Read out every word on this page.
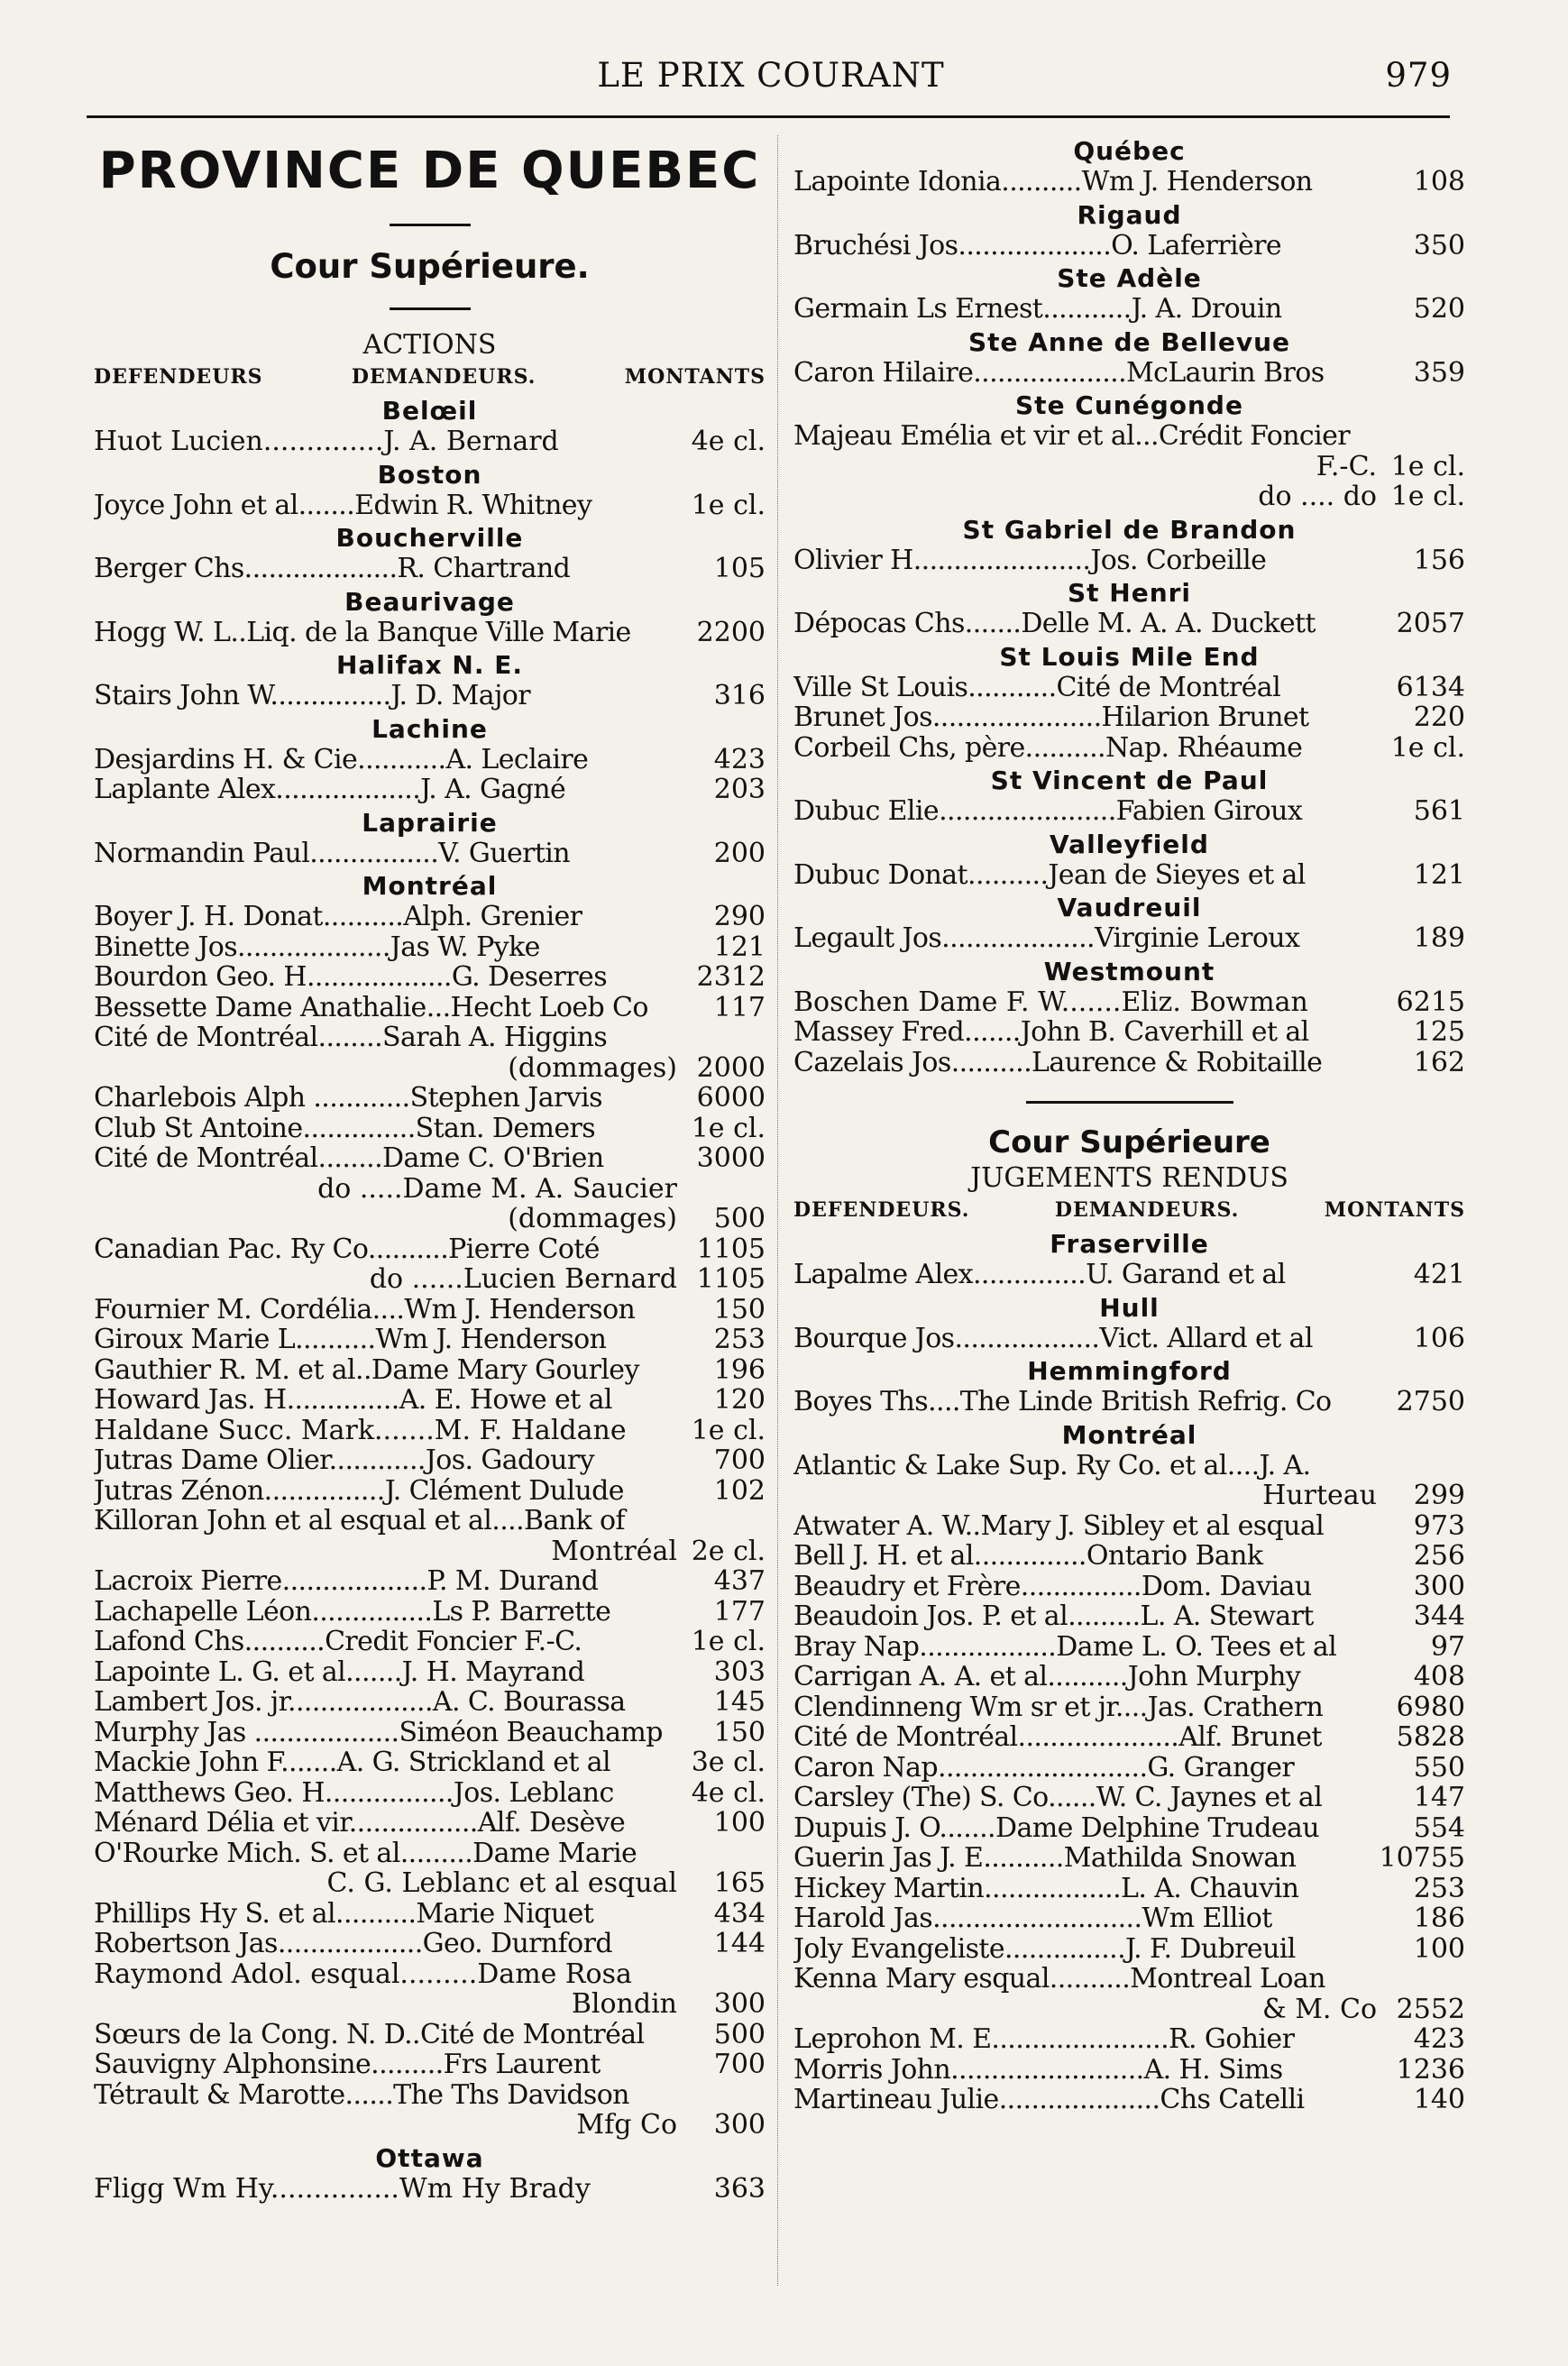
LE PRIX COURANT	979
PROVINCE DE QUEBEC
Cour Supérieure.
ACTIONS
DEFENDEURS	DEMANDEURS.	MONTANTS
Belœil
Huot Lucien..............J. A. Bernard	4e cl.
Boston
Joyce John et al.......Edwin R. Whitney	1e cl.
Boucherville
Berger Chs...................R. Chartrand	105
Beaurivage
Hogg W. L..Liq. de la Banque Ville Marie	2200
Halifax N. E.
Stairs John W...............J. D. Major	316
Lachine
Desjardins H. & Cie...........A. Leclaire	423
Laplante Alex..................J. A. Gagné	203
Laprairie
Normandin Paul................V. Guertin	200
Montréal
Boyer J. H. Donat..........Alph. Grenier	290
Binette Jos...................Jas W. Pyke	121
Bourdon Geo. H..................G. Deserres	2312
Bessette Dame Anathalie...Hecht Loeb Co	117
Cité de Montréal........Sarah A. Higgins
(dommages) 2000
Charlebois Alph ............Stephen Jarvis	6000
Club St Antoine..............Stan. Demers	1e cl.
Cité de Montréal........Dame C. O'Brien	3000
do .....Dame M. A. Saucier
(dommages)	500
Canadian Pac. Ry Co..........Pierre Coté	1105
do ......Lucien Bernard 1105
Fournier M. Cordélia....Wm J. Henderson	150
Giroux Marie L..........Wm J. Henderson	253
Gauthier R. M. et al..Dame Mary Gourley	196
Howard Jas. H..............A. E. Howe et al	120
Haldane Succ. Mark.......M. F. Haldane	1e cl.
Jutras Dame Olier............Jos. Gadoury	700
Jutras Zénon...............J. Clément Dulude	102
Killoran John et al esqual et al....Bank of
Montréal 2e cl.
Lacroix Pierre..................P. M. Durand	437
Lachapelle Léon...............Ls P. Barrette	177
Lafond Chs..........Credit Foncier F.-C.	1e cl.
Lapointe L. G. et al.......J. H. Mayrand	303
Lambert Jos. jr..................A. C. Bourassa	145
Murphy Jas ..................Siméon Beauchamp	150
Mackie John F.......A. G. Strickland et al	3e cl.
Matthews Geo. H................Jos. Leblanc	4e cl.
Ménard Délia et vir................Alf. Desève	100
O'Rourke Mich. S. et al.........Dame Marie
C. G. Leblanc et al esqual	165
Phillips Hy S. et al..........Marie Niquet	434
Robertson Jas..................Geo. Durnford	144
Raymond Adol. esqual.........Dame Rosa
Blondin	300
Sœurs de la Cong. N. D..Cité de Montréal	500
Sauvigny Alphonsine.........Frs Laurent	700
Tétrault & Marotte......The Ths Davidson
Mfg Co	300
Ottawa
Fligg Wm Hy...............Wm Hy Brady	363
Québec
Lapointe Idonia..........Wm J. Henderson	108
Rigaud
Bruchési Jos...................O. Laferrière	350
Ste Adèle
Germain Ls Ernest...........J. A. Drouin	520
Ste Anne de Bellevue
Caron Hilaire...................McLaurin Bros	359
Ste Cunégonde
Majeau Emélia et vir et al...Crédit Foncier
F.-C. 1e cl.
do .... do 1e cl.
St Gabriel de Brandon
Olivier H......................Jos. Corbeille	156
St Henri
Dépocas Chs.......Delle M. A. A. Duckett	2057
St Louis Mile End
Ville St Louis...........Cité de Montréal	6134
Brunet Jos.....................Hilarion Brunet	220
Corbeil Chs, père..........Nap. Rhéaume	1e cl.
St Vincent de Paul
Dubuc Elie......................Fabien Giroux	561
Valleyfield
Dubuc Donat..........Jean de Sieyes et al	121
Vaudreuil
Legault Jos...................Virginie Leroux	189
Westmount
Boschen Dame F. W.......Eliz. Bowman	6215
Massey Fred.......John B. Caverhill et al	125
Cazelais Jos..........Laurence & Robitaille	162
Cour Supérieure
JUGEMENTS RENDUS
DEFENDEURS.	DEMANDEURS.	MONTANTS
Fraserville
Lapalme Alex..............U. Garand et al	421
Hull
Bourque Jos..................Vict. Allard et al	106
Hemmingford
Boyes Ths....The Linde British Refrig. Co	2750
Montréal
Atlantic & Lake Sup. Ry Co. et al....J. A.
Hurteau	299
Atwater A. W..Mary J. Sibley et al esqual	973
Bell J. H. et al..............Ontario Bank	256
Beaudry et Frère...............Dom. Daviau	300
Beaudoin Jos. P. et al.........L. A. Stewart	344
Bray Nap.................Dame L. O. Tees et al	97
Carrigan A. A. et al..........John Murphy	408
Clendinneng Wm sr et jr....Jas. Crathern	6980
Cité de Montréal....................Alf. Brunet	5828
Caron Nap..........................G. Granger	550
Carsley (The) S. Co......W. C. Jaynes et al	147
Dupuis J. O.......Dame Delphine Trudeau	554
Guerin Jas J. E..........Mathilda Snowan	10755
Hickey Martin.................L. A. Chauvin	253
Harold Jas..........................Wm Elliot	186
Joly Evangeliste...............J. F. Dubreuil	100
Kenna Mary esqual..........Montreal Loan
& M. Co 2552
Leprohon M. E......................R. Gohier	423
Morris John........................A. H. Sims	1236
Martineau Julie....................Chs Catelli	140
